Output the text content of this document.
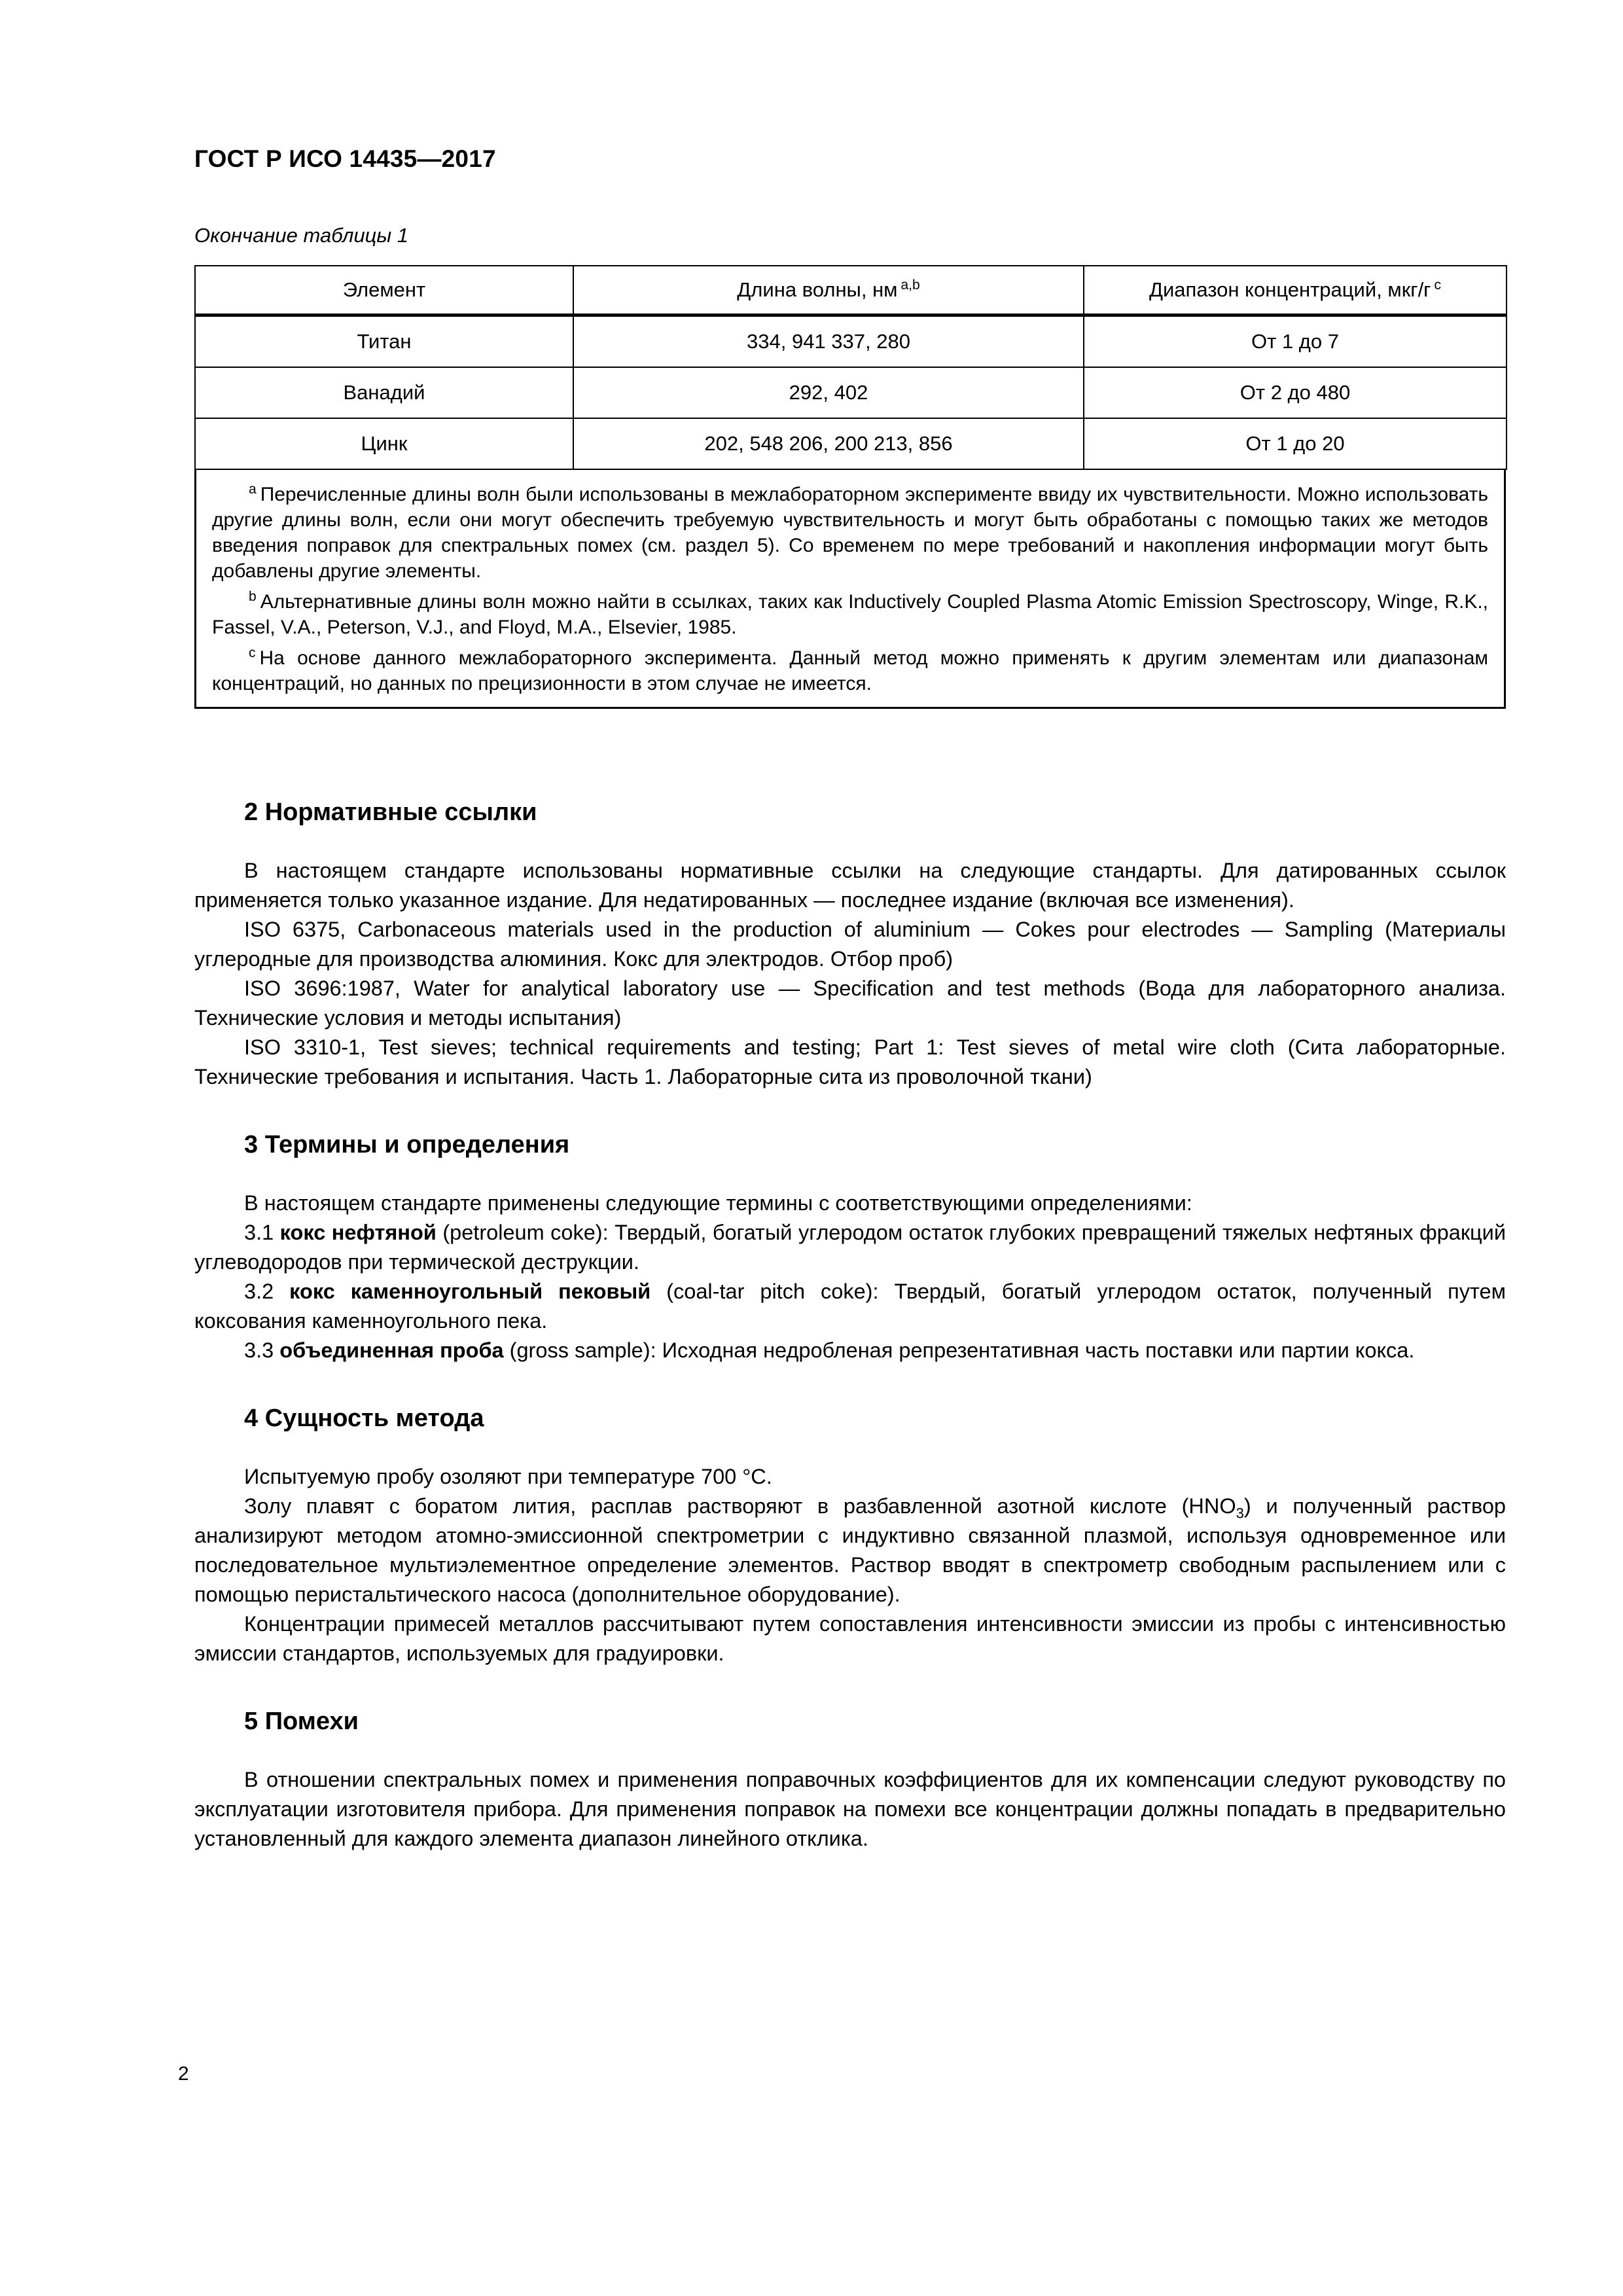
ГОСТ Р ИСО 14435—2017
Окончание таблицы 1
Элемент	Длина волны, нм $^{a,b}$	Диапазон концентраций, мкг/г $^c$
Титан	334, 941 337, 280	От 1 до 7
Ванадий	292, 402	От 2 до 480
Цинк	202, 548 206, 200 213, 856	От 1 до 20

$^a$ Перечисленные длины волн были использованы в межлабораторном эксперименте ввиду их чувствительности. Можно использовать другие длины волн, если они могут обеспечить требуемую чувствительность и могут быть обработаны с помощью таких же методов введения поправок для спектральных помех (см. раздел 5). Со временем по мере требований и накопления информации могут быть добавлены другие элементы.

$^b$ Альтернативные длины волн можно найти в ссылках, таких как Inductively Coupled Plasma Atomic Emission Spectroscopy, Winge, R.K., Fassel, V.A., Peterson, V.J., and Floyd, M.A., Elsevier, 1985.

$^c$ На основе данного межлабораторного эксперимента. Данный метод можно применять к другим элементам или диапазонам концентраций, но данных по прецизионности в этом случае не имеется.

2 Нормативные ссылки

В настоящем стандарте использованы нормативные ссылки на следующие стандарты. Для датированных ссылок применяется только указанное издание. Для недатированных — последнее издание (включая все изменения).

ISO 6375, Carbonaceous materials used in the production of aluminium — Cokes pour electrodes — Sampling (Материалы углеродные для производства алюминия. Кокс для электродов. Отбор проб)

ISO 3696:1987, Water for analytical laboratory use — Specification and test methods (Вода для лабораторного анализа. Технические условия и методы испытания)

ISO 3310-1, Test sieves; technical requirements and testing; Part 1: Test sieves of metal wire cloth (Сита лабораторные. Технические требования и испытания. Часть 1. Лабораторные сита из проволочной ткани)

3 Термины и определения

В настоящем стандарте применены следующие термины с соответствующими определениями:

3.1 кокс нефтяной (petroleum coke): Твердый, богатый углеродом остаток глубоких превращений тяжелых нефтяных фракций углеводородов при термической деструкции.

3.2 кокс каменноугольный пековый (coal-tar pitch coke): Твердый, богатый углеродом остаток, полученный путем коксования каменноугольного пека.

3.3 объединенная проба (gross sample): Исходная недробленая репрезентативная часть поставки или партии кокса.

4 Сущность метода

Испытуемую пробу озоляют при температуре 700 °C.

Золу плавят с боратом лития, расплав растворяют в разбавленной азотной кислоте $(HNO_3)$ и полученный раствор анализируют методом атомно-эмиссионной спектрометрии с индуктивно связанной плазмой, используя одновременное или последовательное мультиэлементное определение элементов. Раствор вводят в спектрометр свободным распылением или с помощью перистальтического насоса (дополнительное оборудование).

Концентрации примесей металлов рассчитывают путем сопоставления интенсивности эмиссии из пробы с интенсивностью эмиссии стандартов, используемых для градуировки.

5 Помехи

В отношении спектральных помех и применения поправочных коэффициентов для их компенсации следуют руководству по эксплуатации изготовителя прибора. Для применения поправок на помехи все концентрации должны попадать в предварительно установленный для каждого элемента диапазон линейного отклика.

2
